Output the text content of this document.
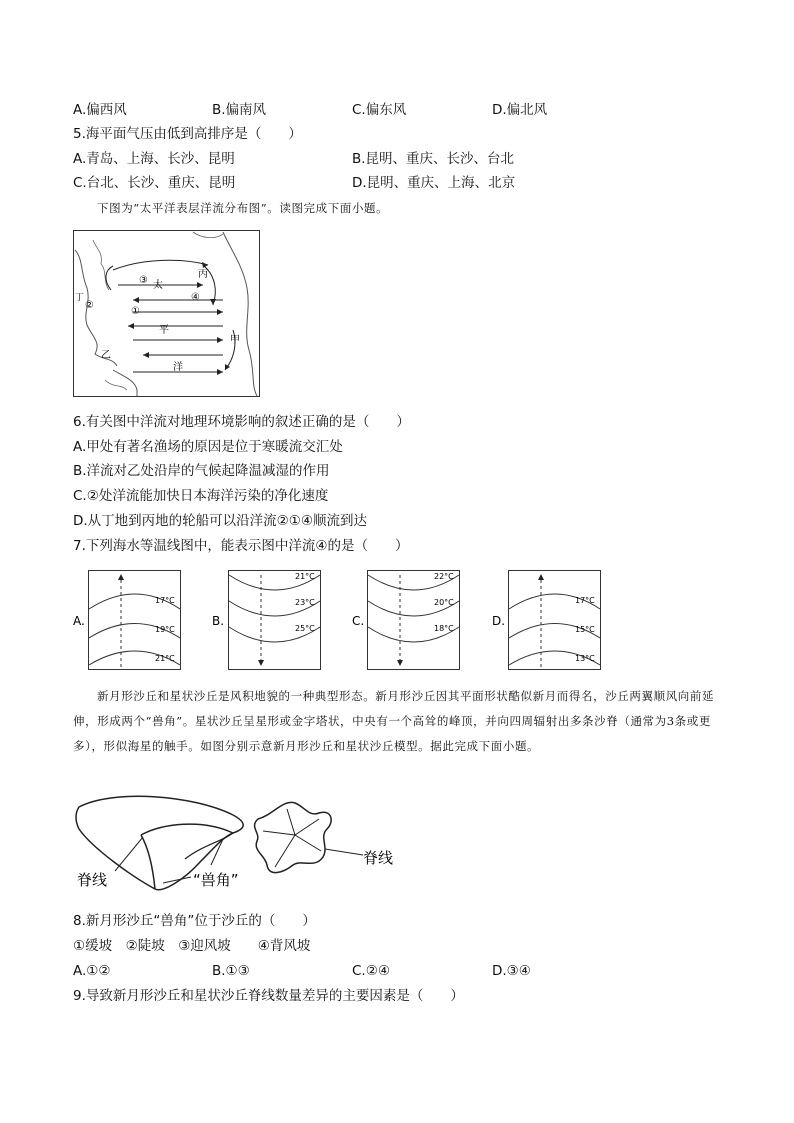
A.偏西风	B.偏南风	C.偏东风	D.偏北风
5.海平面气压由低到高排序是（　　）
A.青岛、上海、长沙、昆明	B.昆明、重庆、长沙、台北
C.台北、长沙、重庆、昆明	D.昆明、重庆、上海、北京

下图为“太平洋表层洋流分布图”。读图完成下面小题。

丙
太
平
洋
甲
乙
丁
①
②
③
④
6.有关图中洋流对地理环境影响的叙述正确的是（　　）
A.甲处有著名渔场的原因是位于寒暖流交汇处
B.洋流对乙处沿岸的气候起降温减湿的作用
C.②处洋流能加快日本海洋污染的净化速度
D.从丁地到丙地的轮船可以沿洋流②①④顺流到达
7.下列海水等温线图中，能表示图中洋流④的是（　　）
A.
17°C
19°C
21°C
B.
21°C
23°C
25°C
C.
22°C
20°C
18°C
D.
17°C
15°C
13°C

新月形沙丘和星状沙丘是风积地貌的一种典型形态。新月形沙丘因其平面形状酷似新月而得名，沙丘两翼顺风向前延伸，形成两个“兽角”。星状沙丘呈星形或金字塔状，中央有一个高耸的峰顶，并向四周辐射出多条沙脊（通常为3条或更多），形似海星的触手。如图分别示意新月形沙丘和星状沙丘模型。据此完成下面小题。

脊线	“兽角”
脊线
8.新月形沙丘“兽角”位于沙丘的（　　）
①缓坡　②陡坡　③迎风坡　　④背风坡
A.①②	B.①③	C.②④	D.③④
9.导致新月形沙丘和星状沙丘脊线数量差异的主要因素是（　　）
